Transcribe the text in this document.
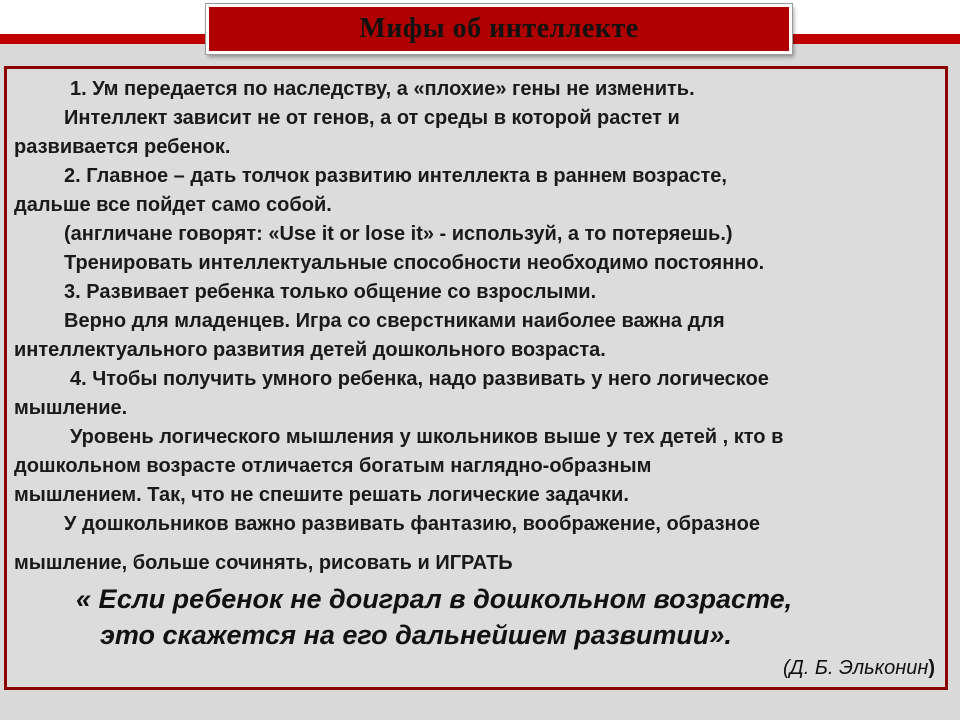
Мифы об интеллекте

1. Ум передается по наследству, а «плохие» гены не изменить.

Интеллект зависит не от генов, а от среды в которой растет и

развивается ребенок.

2. Главное – дать толчок развитию интеллекта в раннем возрасте,

дальше все пойдет само собой.

(англичане говорят: «Use it or lose it» - используй, а то потеряешь.)

Тренировать интеллектуальные способности необходимо постоянно.

3. Развивает ребенка только общение со взрослыми.

Верно для младенцев. Игра со сверстниками наиболее важна для

интеллектуального развития детей дошкольного возраста.

4. Чтобы получить умного ребенка, надо развивать у него логическое

мышление.

Уровень логического мышления у школьников выше у тех детей , кто в

дошкольном возрасте отличается богатым наглядно-образным

мышлением. Так, что не спешите решать логические задачки.

У дошкольников важно развивать фантазию, воображение, образное

мышление, больше сочинять, рисовать и ИГРАТЬ

« Если ребенок не доиграл в дошкольном возрасте,

это скажется на его дальнейшем развитии».

(Д. Б. Эльконин)
